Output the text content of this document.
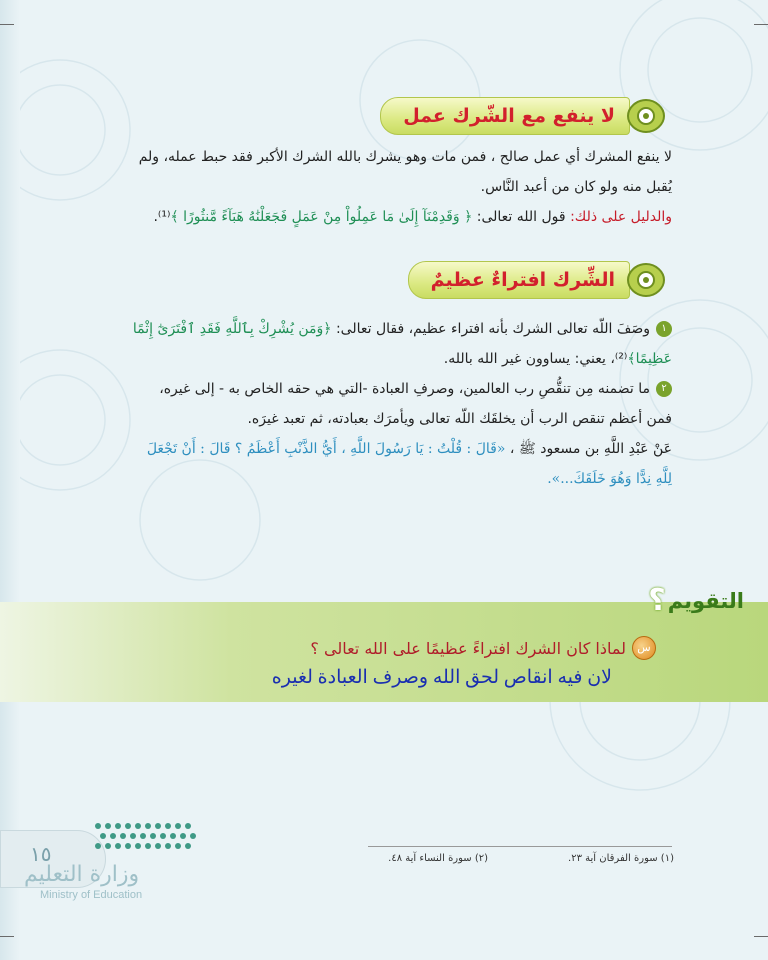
لا ينفع مع الشّرك عمل
لا ينفع المشرك أي عمل صالح ، فمن مات وهو يشرك بالله الشرك الأكبر فقد حبط عمله، ولم
يُقبل منه ولو كان من أعبد النَّاس.
والدليل على ذلك: قول الله تعالى: ﴿ وَقَدِمْنَآ إِلَىٰ مَا عَمِلُواْ مِنْ عَمَلٍ فَجَعَلْنَٰهُ هَبَآءً مَّنثُورًا ﴾⁽¹⁾.
الشِّرك افتراءٌ عظيمٌ
١وصَفَ اللّه تعالى الشرك بأنه افتراء عظيم، فقال تعالى: ﴿وَمَن يُشْرِكْ بِٱللَّهِ فَقَدِ ٱفْتَرَىٰٓ إِثْمًا
عَظِيمًا﴾⁽²⁾، يعني: يساوون غير الله بالله.
٢ما تضمنه مِن تنقُّصِ رب العالمين، وصرفِ العبادة -التي هي حقه الخاص به - إلى غيره،
فمن أعظم تنقص الرب أن يخلقَك اللّه تعالى ويأمرَك بعبادته، ثم تعبد غيرَه.
عَنْ عَبْدِ اللَّهِ بن مسعود ﷺ ، «قَالَ : قُلْتُ : يَا رَسُولَ اللَّهِ ، أَيُّ الذَّنْبِ أَعْظَمُ ؟ قَالَ : أَنْ تَجْعَلَ
لِلَّهِ نِدًّا وَهُوَ خَلَقَكَ...».
التقويم
؟
س
لماذا كان الشرك افتراءً عظيمًا على الله تعالى ؟
لان فيه انقاص لحق الله وصرف العبادة لغيره
(١) سورة الفرقان آية ٢٣.
(٢) سورة النساء آية ٤٨.
١٥
وزارة التعليم
Ministry of Education
